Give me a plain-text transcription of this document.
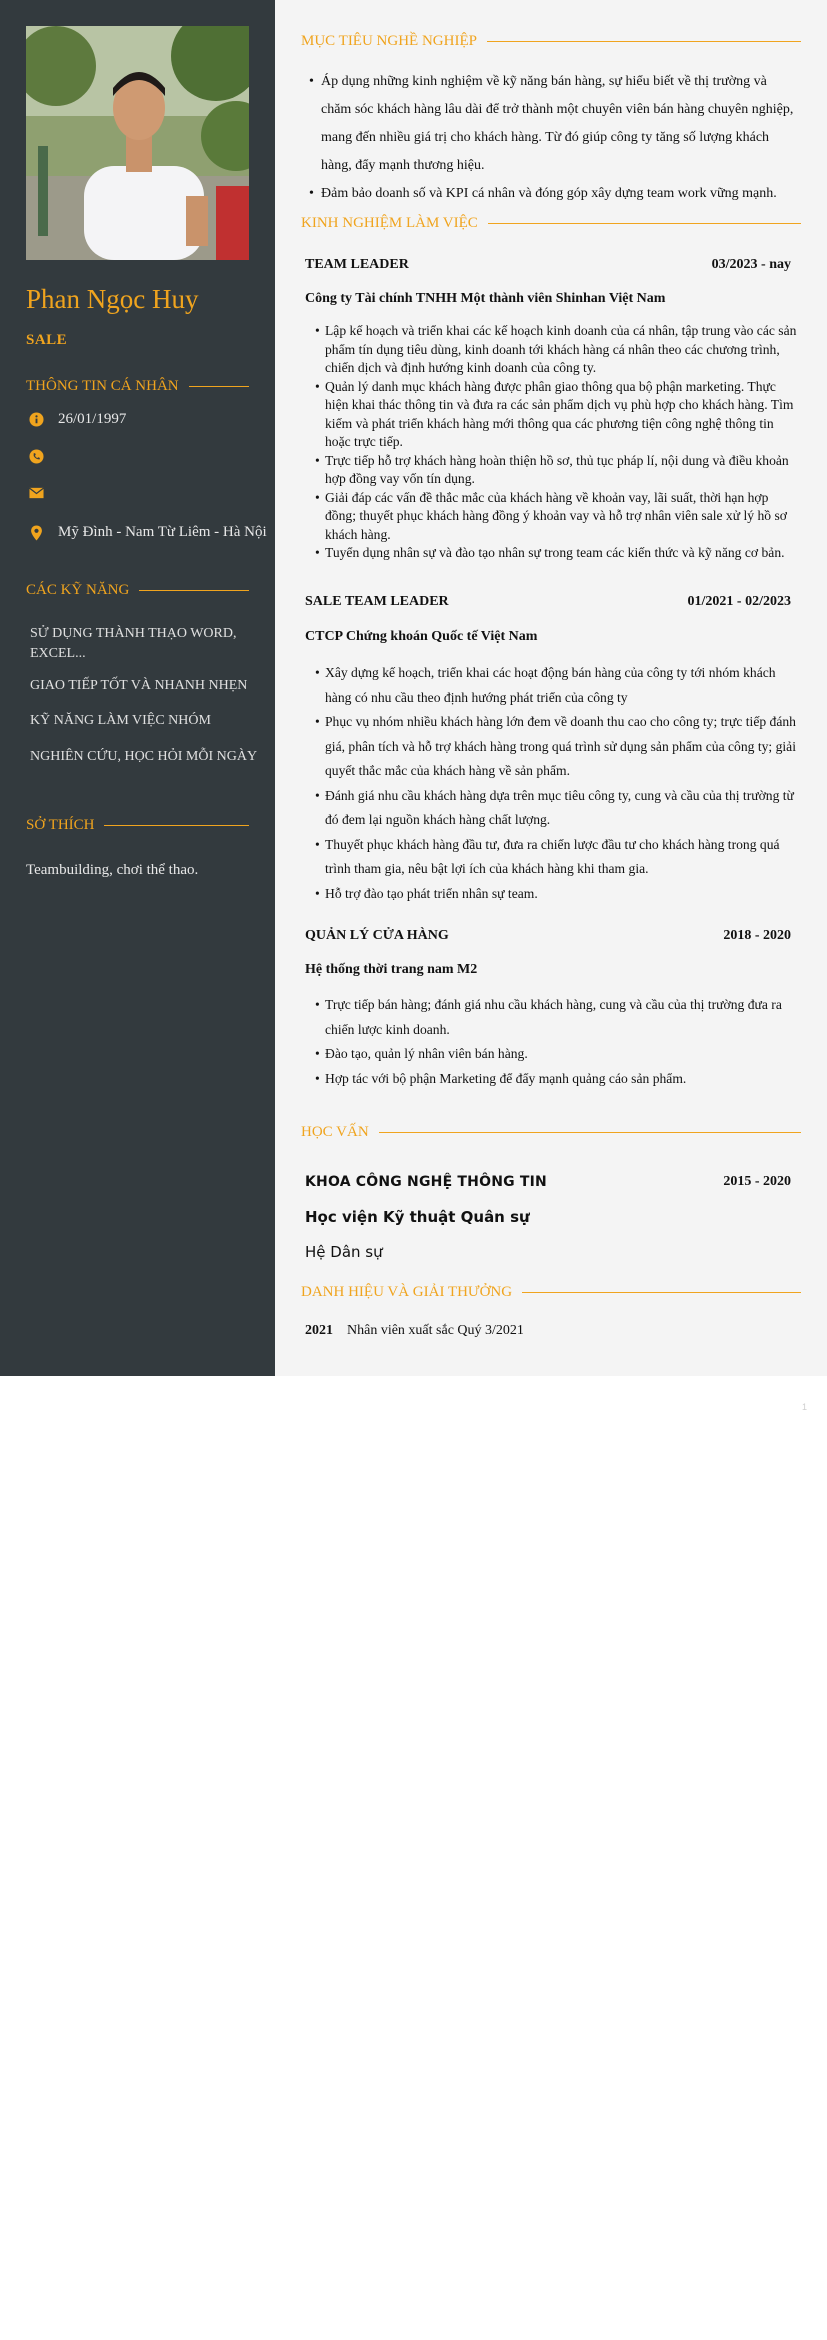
Phan Ngọc Huy
SALE
THÔNG TIN CÁ NHÂN
26/01/1997
Mỹ Đình - Nam Từ Liêm - Hà Nội
CÁC KỸ NĂNG
SỬ DỤNG THÀNH THẠO WORD, EXCEL...
GIAO TIẾP TỐT VÀ NHANH NHẸN
KỸ NĂNG LÀM VIỆC NHÓM
NGHIÊN CỨU, HỌC HỎI MỖI NGÀY
SỞ THÍCH
Teambuilding, chơi thể thao.
MỤC TIÊU NGHỀ NGHIỆP
• Áp dụng những kinh nghiệm về kỹ năng bán hàng, sự hiểu biết về thị trường và chăm sóc khách hàng lâu dài để trở thành một chuyên viên bán hàng chuyên nghiệp, mang đến nhiều giá trị cho khách hàng. Từ đó giúp công ty tăng số lượng khách hàng, đẩy mạnh thương hiệu.
• Đảm bảo doanh số và KPI cá nhân và đóng góp xây dựng team work vững mạnh.
KINH NGHIỆM LÀM VIỆC
TEAM LEADER	03/2023 - nay
Công ty Tài chính TNHH Một thành viên Shinhan Việt Nam
• Lập kế hoạch và triển khai các kế hoạch kinh doanh của cá nhân, tập trung vào các sản phẩm tín dụng tiêu dùng, kinh doanh tới khách hàng cá nhân theo các chương trình, chiến dịch và định hướng kinh doanh của công ty.
• Quản lý danh mục khách hàng được phân giao thông qua bộ phận marketing. Thực hiện khai thác thông tin và đưa ra các sản phẩm dịch vụ phù hợp cho khách hàng. Tìm kiếm và phát triển khách hàng mới thông qua các phương tiện công nghệ thông tin hoặc trực tiếp.
• Trực tiếp hỗ trợ khách hàng hoàn thiện hồ sơ, thủ tục pháp lí, nội dung và điều khoản hợp đồng vay vốn tín dụng.
• Giải đáp các vấn đề thắc mắc của khách hàng về khoản vay, lãi suất, thời hạn hợp đồng; thuyết phục khách hàng đồng ý khoản vay và hỗ trợ nhân viên sale xử lý hồ sơ khách hàng.
• Tuyển dụng nhân sự và đào tạo nhân sự trong team các kiến thức và kỹ năng cơ bản.
SALE TEAM LEADER	01/2021 - 02/2023
CTCP Chứng khoán Quốc tế Việt Nam
• Xây dựng kế hoạch, triển khai các hoạt động bán hàng của công ty tới nhóm khách hàng có nhu cầu theo định hướng phát triển của công ty
• Phục vụ nhóm nhiều khách hàng lớn đem về doanh thu cao cho công ty; trực tiếp đánh giá, phân tích và hỗ trợ khách hàng trong quá trình sử dụng sản phẩm của công ty; giải quyết thắc mắc của khách hàng về sản phẩm.
• Đánh giá nhu cầu khách hàng dựa trên mục tiêu công ty, cung và cầu của thị trường từ đó đem lại nguồn khách hàng chất lượng.
• Thuyết phục khách hàng đầu tư, đưa ra chiến lược đầu tư cho khách hàng trong quá trình tham gia, nêu bật lợi ích của khách hàng khi tham gia.
• Hỗ trợ đào tạo phát triển nhân sự team.
QUẢN LÝ CỬA HÀNG	2018 - 2020
Hệ thống thời trang nam M2
• Trực tiếp bán hàng; đánh giá nhu cầu khách hàng, cung và cầu của thị trường đưa ra chiến lược kinh doanh.
• Đào tạo, quản lý nhân viên bán hàng.
• Hợp tác với bộ phận Marketing để đẩy mạnh quảng cáo sản phẩm.
HỌC VẤN
KHOA CÔNG NGHỆ THÔNG TIN	2015 - 2020
Học viện Kỹ thuật Quân sự
Hệ Dân sự
DANH HIỆU VÀ GIẢI THƯỞNG
2021 Nhân viên xuất sắc Quý 3/2021
1
